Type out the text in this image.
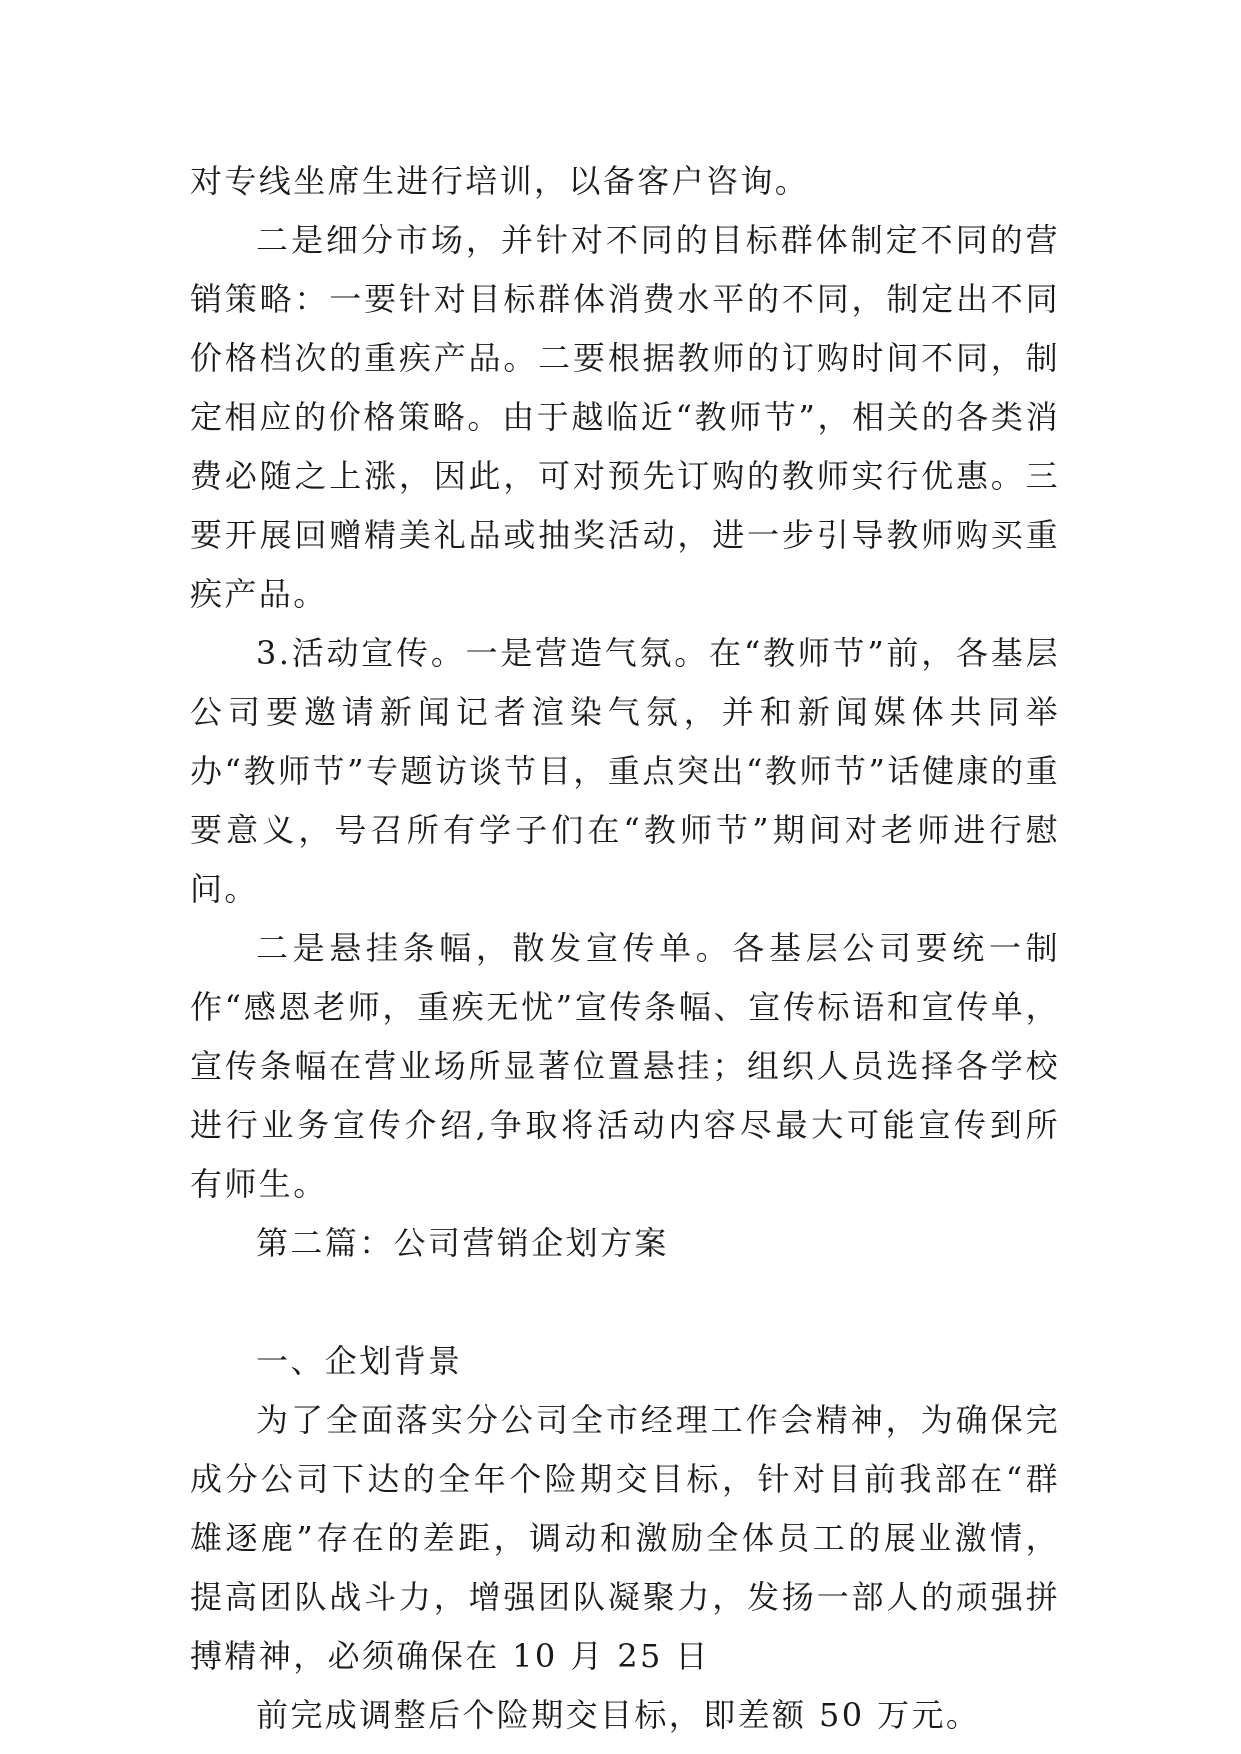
对专线坐席生进行培训，以备客户咨询。

二是细分市场，并针对不同的目标群体制定不同的营销策略：一要针对目标群体消费水平的不同，制定出不同价格档次的重疾产品。二要根据教师的订购时间不同，制定相应的价格策略。由于越临近“教师节”，相关的各类消费必随之上涨，因此，可对预先订购的教师实行优惠。三要开展回赠精美礼品或抽奖活动，进一步引导教师购买重疾产品。

3.活动宣传。一是营造气氛。在“教师节”前，各基层公司要邀请新闻记者渲染气氛，并和新闻媒体共同举办“教师节”专题访谈节目，重点突出“教师节”话健康的重要意义，号召所有学子们在“教师节”期间对老师进行慰问。

二是悬挂条幅，散发宣传单。各基层公司要统一制作“感恩老师，重疾无忧”宣传条幅、宣传标语和宣传单，宣传条幅在营业场所显著位置悬挂；组织人员选择各学校进行业务宣传介绍,争取将活动内容尽最大可能宣传到所有师生。

第二篇：公司营销企划方案

一、企划背景

为了全面落实分公司全市经理工作会精神，为确保完成分公司下达的全年个险期交目标，针对目前我部在“群雄逐鹿”存在的差距，调动和激励全体员工的展业激情，提高团队战斗力，增强团队凝聚力，发扬一部人的顽强拼搏精神，必须确保在 10 月 25 日

前完成调整后个险期交目标，即差额 50 万元。
